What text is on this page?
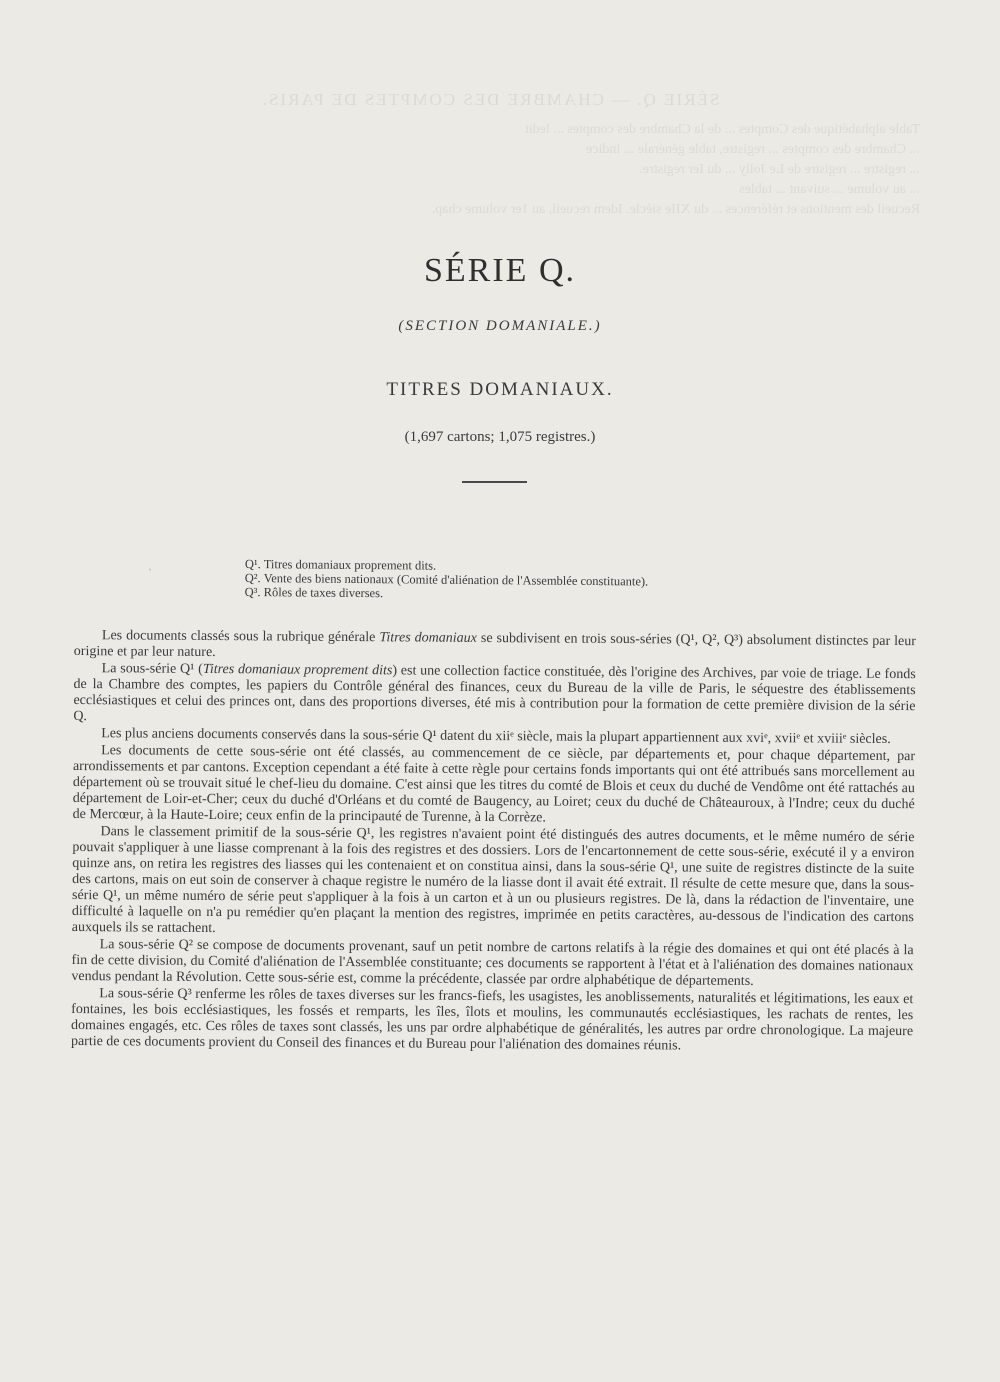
SÉRIE Q. — CHAMBRE DES COMPTES DE PARIS.
Table alphabétique des Comptes ... de la Chambre des comptes ... ledit
... Chambre des comptes ... registre, table générale ... indice
... registre ... registre de Le Jolly ... du Ier registre.
... au volume ... suivant ... tables
Recueil des mentions et références ... du XIIe siècle. Idem recueil, au 1er volume chap.
SÉRIE Q.
(SECTION DOMANIALE.)
TITRES DOMANIAUX.
(1,697 cartons; 1,075 registres.)
ˌ	Q¹. Titres domaniaux proprement dits.
Q². Vente des biens nationaux (Comité d'aliénation de l'Assemblée constituante).
Q³. Rôles de taxes diverses.

Les documents classés sous la rubrique générale Titres domaniaux se subdivisent en trois sous-séries (Q¹, Q², Q³) absolument distinctes par leur origine et par leur nature.

La sous-série Q¹ (Titres domaniaux proprement dits) est une collection factice constituée, dès l'origine des Archives, par voie de triage. Le fonds de la Chambre des comptes, les papiers du Contrôle général des finances, ceux du Bureau de la ville de Paris, le séquestre des établissements ecclésiastiques et celui des princes ont, dans des proportions diverses, été mis à contribution pour la formation de cette première division de la série Q.

Les plus anciens documents conservés dans la sous-série Q¹ datent du xiiᵉ siècle, mais la plupart appartiennent aux xviᵉ, xviiᵉ et xviiiᵉ siècles.

Les documents de cette sous-série ont été classés, au commencement de ce siècle, par départements et, pour chaque département, par arrondissements et par cantons. Exception cependant a été faite à cette règle pour certains fonds importants qui ont été attribués sans morcellement au département où se trouvait situé le chef-lieu du domaine. C'est ainsi que les titres du comté de Blois et ceux du duché de Vendôme ont été rattachés au département de Loir-et-Cher; ceux du duché d'Orléans et du comté de Baugency, au Loiret; ceux du duché de Châteauroux, à l'Indre; ceux du duché de Mercœur, à la Haute-Loire; ceux enfin de la principauté de Turenne, à la Corrèze.

Dans le classement primitif de la sous-série Q¹, les registres n'avaient point été distingués des autres documents, et le même numéro de série pouvait s'appliquer à une liasse comprenant à la fois des registres et des dossiers. Lors de l'encartonnement de cette sous-série, exécuté il y a environ quinze ans, on retira les registres des liasses qui les contenaient et on constitua ainsi, dans la sous-série Q¹, une suite de registres distincte de la suite des cartons, mais on eut soin de conserver à chaque registre le numéro de la liasse dont il avait été extrait. Il résulte de cette mesure que, dans la sous-série Q¹, un même numéro de série peut s'appliquer à la fois à un carton et à un ou plusieurs registres. De là, dans la rédaction de l'inventaire, une difficulté à laquelle on n'a pu remédier qu'en plaçant la mention des registres, imprimée en petits caractères, au-dessous de l'indication des cartons auxquels ils se rattachent.

La sous-série Q² se compose de documents provenant, sauf un petit nombre de cartons relatifs à la régie des domaines et qui ont été placés à la fin de cette division, du Comité d'aliénation de l'Assemblée constituante; ces documents se rapportent à l'état et à l'aliénation des domaines nationaux vendus pendant la Révolution. Cette sous-série est, comme la précédente, classée par ordre alphabétique de départements.

La sous-série Q³ renferme les rôles de taxes diverses sur les francs-fiefs, les usagistes, les anoblissements, naturalités et légitimations, les eaux et fontaines, les bois ecclésiastiques, les fossés et remparts, les îles, îlots et moulins, les communautés ecclésiastiques, les rachats de rentes, les domaines engagés, etc. Ces rôles de taxes sont classés, les uns par ordre alphabétique de généralités, les autres par ordre chronologique. La majeure partie de ces documents provient du Conseil des finances et du Bureau pour l'aliénation des domaines réunis.
